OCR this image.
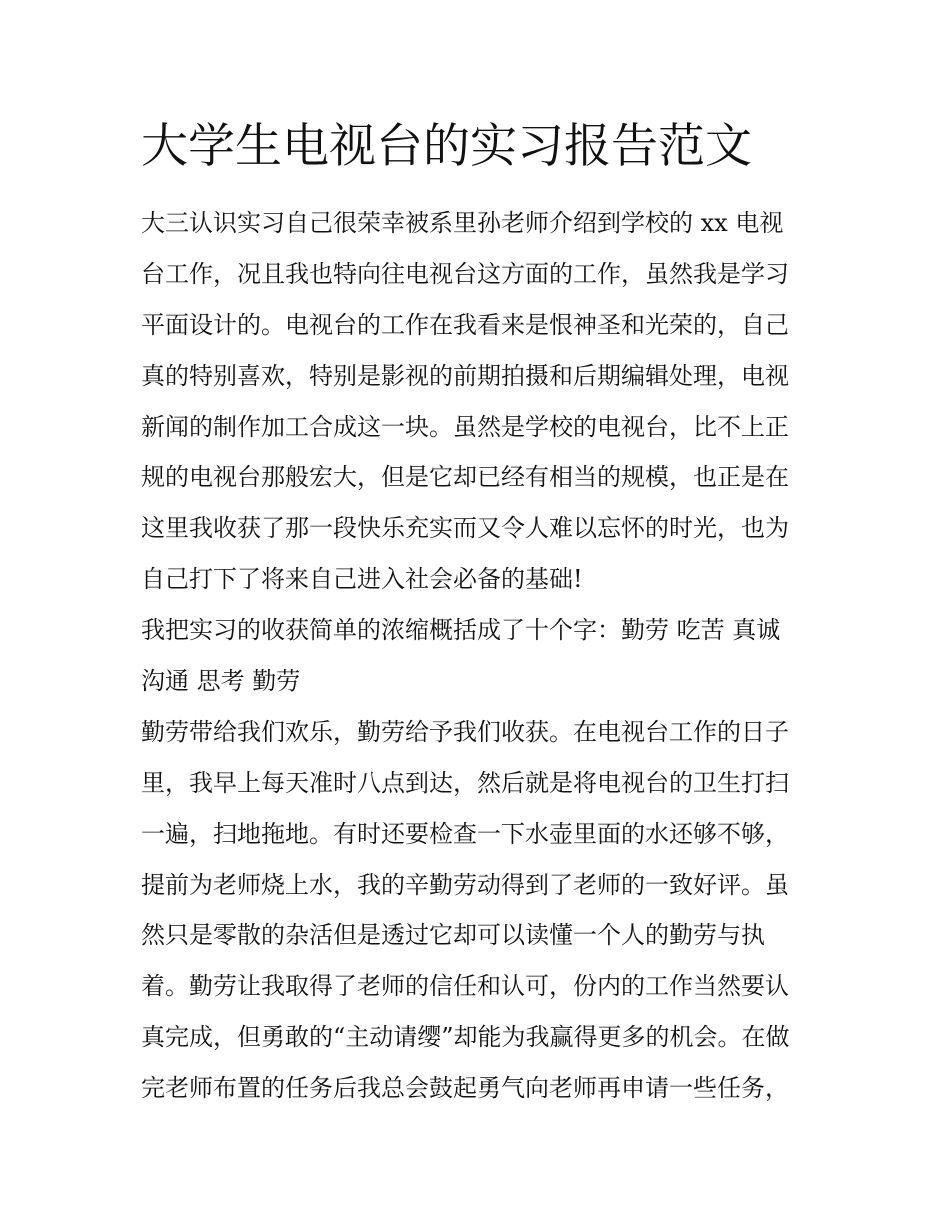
大学生电视台的实习报告范文
大三认识实习自己很荣幸被系里孙老师介绍到学校的 xx 电视
台工作，况且我也特向往电视台这方面的工作，虽然我是学习
平面设计的。电视台的工作在我看来是恨神圣和光荣的，自己
真的特别喜欢，特别是影视的前期拍摄和后期编辑处理，电视
新闻的制作加工合成这一块。虽然是学校的电视台，比不上正
规的电视台那般宏大，但是它却已经有相当的规模，也正是在
这里我收获了那一段快乐充实而又令人难以忘怀的时光，也为
自己打下了将来自己进入社会必备的基础!
我把实习的收获简单的浓缩概括成了十个字：勤劳 吃苦 真诚
沟通 思考 勤劳
勤劳带给我们欢乐，勤劳给予我们收获。在电视台工作的日子
里，我早上每天准时八点到达，然后就是将电视台的卫生打扫
一遍，扫地拖地。有时还要检查一下水壶里面的水还够不够，
提前为老师烧上水，我的辛勤劳动得到了老师的一致好评。虽
然只是零散的杂活但是透过它却可以读懂一个人的勤劳与执
着。勤劳让我取得了老师的信任和认可，份内的工作当然要认
真完成，但勇敢的“主动请缨”却能为我赢得更多的机会。在做
完老师布置的任务后我总会鼓起勇气向老师再申请一些任务，
